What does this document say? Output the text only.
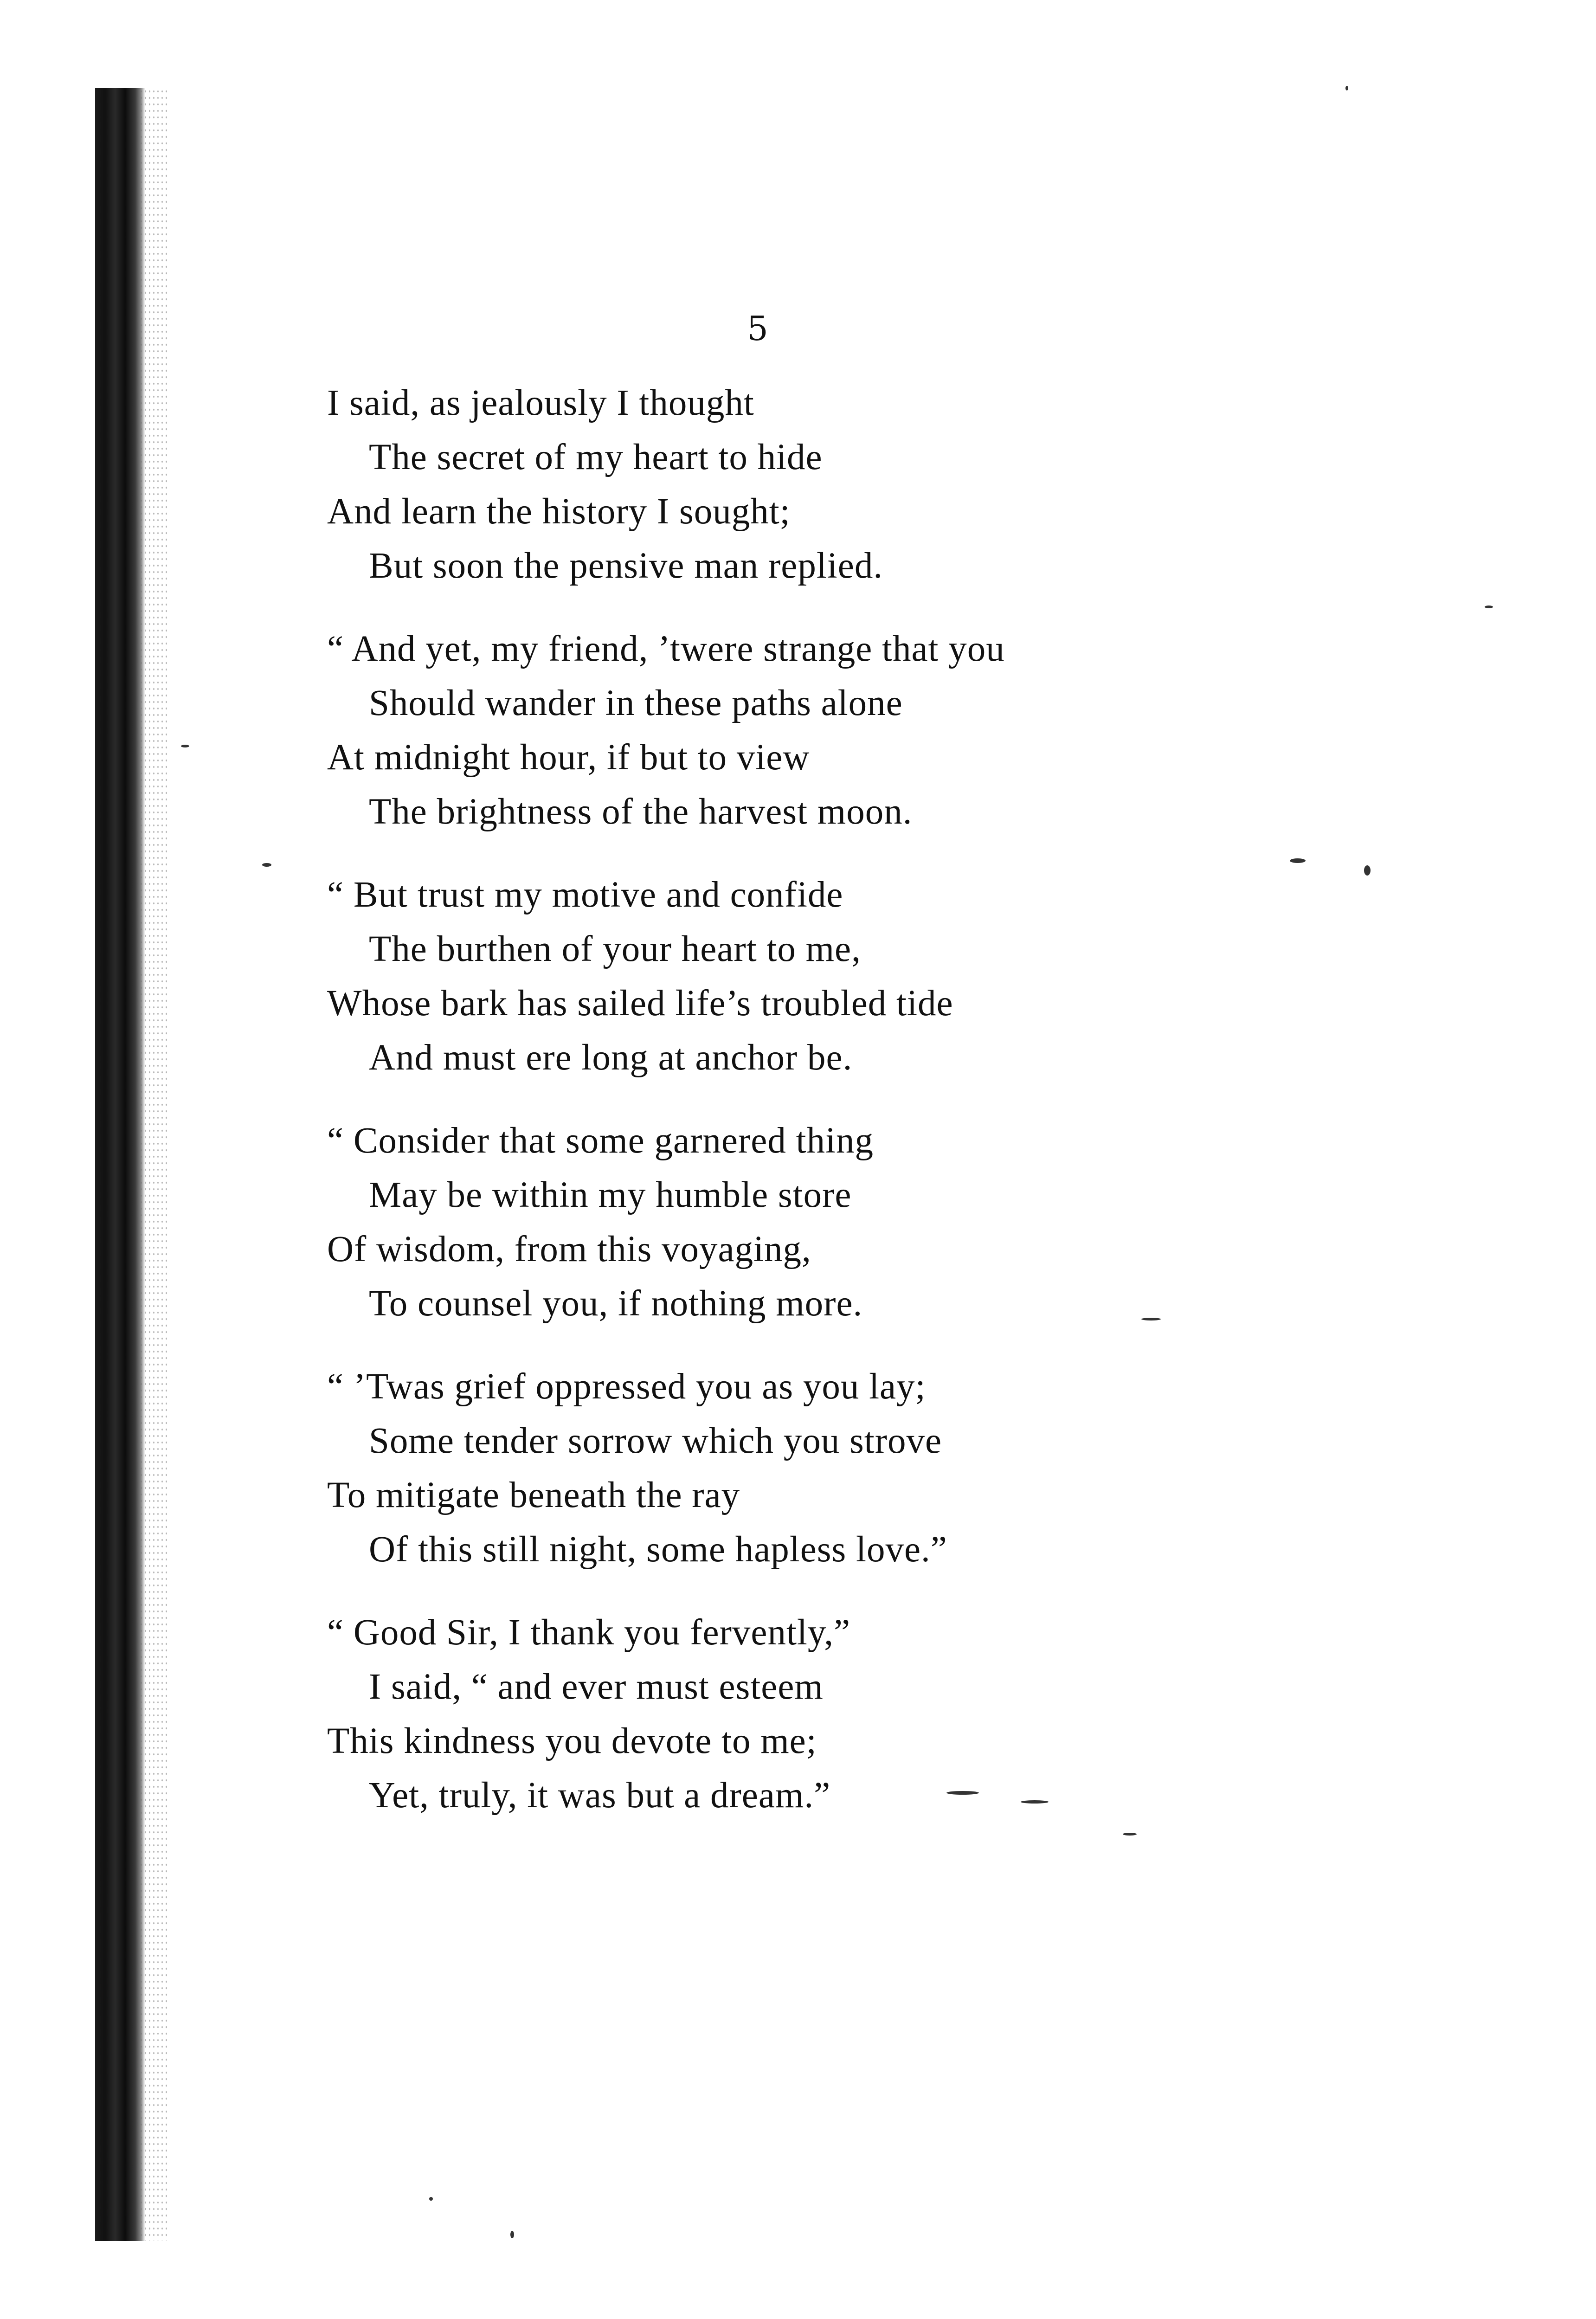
5
I said, as jealously I thought
The secret of my heart to hide
And learn the history I sought;
But soon the pensive man replied.
“ And yet, my friend, ’twere strange that you
Should wander in these paths alone
At midnight hour, if but to view
The brightness of the harvest moon.
“ But trust my motive and confide
The burthen of your heart to me,
Whose bark has sailed life’s troubled tide
And must ere long at anchor be.
“ Consider that some garnered thing
May be within my humble store
Of wisdom, from this voyaging,
To counsel you, if nothing more.
“ ’Twas grief oppressed you as you lay;
Some tender sorrow which you strove
To mitigate beneath the ray
Of this still night, some hapless love.”
“ Good Sir, I thank you fervently,”
I said, “ and ever must esteem
This kindness you devote to me;
Yet, truly, it was but a dream.”
